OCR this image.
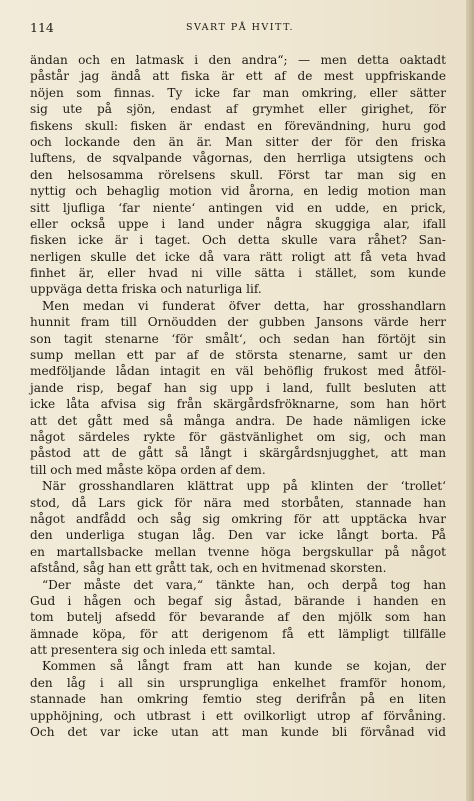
114	SVART PÅ HVITT.
ändan och en latmask i den andra“; — men detta oaktadt
påstår jag ändå att fiska är ett af de mest uppfriskande
nöjen som finnas. Ty icke far man omkring, eller sätter
sig ute på sjön, endast af grymhet eller girighet, för
fiskens skull: fisken är endast en förevändning, huru god
och lockande den än är. Man sitter der för den friska
luftens, de sqvalpande vågornas, den herrliga utsigtens och
den helsosamma rörelsens skull. Först tar man sig en
nyttig och behaglig motion vid årorna, en ledig motion man
sitt ljufliga ‘far niente‘ antingen vid en udde, en prick,
eller också uppe i land under några skuggiga alar, ifall
fisken icke är i taget. Och detta skulle vara råhet? San-
nerligen skulle det icke då vara rätt roligt att få veta hvad
finhet är, eller hvad ni ville sätta i stället, som kunde
uppväga detta friska och naturliga lif.
Men medan vi funderat öfver detta, har grosshandlarn
hunnit fram till Ornöudden der gubben Jansons värde herr
son tagit stenarne ‘för smålt‘, och sedan han förtöjt sin
sump mellan ett par af de största stenarne, samt ur den
medföljande lådan intagit en väl behöflig frukost med åtföl-
jande risp, begaf han sig upp i land, fullt besluten att
icke låta afvisa sig från skärgårdsfröknarne, som han hört
att det gått med så många andra. De hade nämligen icke
något särdeles rykte för gästvänlighet om sig, och man
påstod att de gått så långt i skärgårdsnjugghet, att man
till och med måste köpa orden af dem.
När grosshandlaren klättrat upp på klinten der ‘trollet‘
stod, då Lars gick för nära med storbåten, stannade han
något andfådd och såg sig omkring för att upptäcka hvar
den underliga stugan låg. Den var icke långt borta. På
en martallsbacke mellan tvenne höga bergskullar på något
afstånd, såg han ett grått tak, och en hvitmenad skorsten.
“Der måste det vara,“ tänkte han, och derpå tog han
Gud i hågen och begaf sig åstad, bärande i handen en
tom butelj afsedd för bevarande af den mjölk som han
ämnade köpa, för att derigenom få ett lämpligt tillfälle
att presentera sig och inleda ett samtal.
Kommen så långt fram att han kunde se kojan, der
den låg i all sin ursprungliga enkelhet framför honom,
stannade han omkring femtio steg derifrån på en liten
upphöjning, och utbrast i ett ovilkorligt utrop af förvåning.
Och det var icke utan att man kunde bli förvånad vid
